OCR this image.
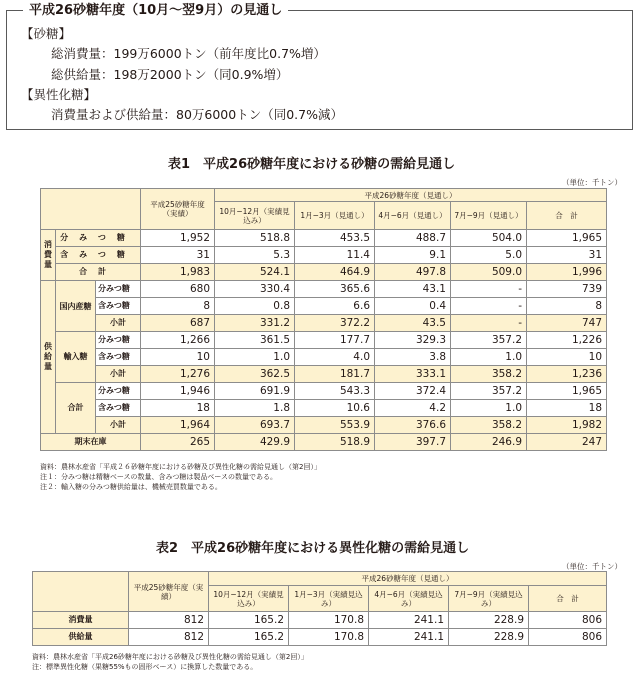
平成26砂糖年度（10月〜翌9月）の見通し
【砂糖】
総消費量：199万6000トン（前年度比0.7%増）
総供給量：198万2000トン（同0.9%増）
【異性化糖】
消費量および供給量：80万6000トン（同0.7%減）
表1　平成26砂糖年度における砂糖の需給見通し
（単位：千トン）
			平成25砂糖年度（実績）	平成26砂糖年度（見通し）				
				10月−12月（実績見込み）	1月−3月（見通し）	4月−6月（見通し）	7月−9月（見通し）	合　計
消費量	分みつ糖		1,952	518.8	453.5	488.7	504.0	1,965
	含みつ糖		31	5.3	11.4	9.1	5.0	31
	合計		1,983	524.1	464.9	497.8	509.0	1,996
供給量	国内産糖	分みつ糖	680	330.4	365.6	43.1	-	739
		含みつ糖	8	0.8	6.6	0.4	-	8
		小計	687	331.2	372.2	43.5	-	747
	輸入糖	分みつ糖	1,266	361.5	177.7	329.3	357.2	1,226
		含みつ糖	10	1.0	4.0	3.8	1.0	10
		小計	1,276	362.5	181.7	333.1	358.2	1,236
	合計	分みつ糖	1,946	691.9	543.3	372.4	357.2	1,965
		含みつ糖	18	1.8	10.6	4.2	1.0	18
		小計	1,964	693.7	553.9	376.6	358.2	1,982
期末在庫			265	429.9	518.9	397.7	246.9	247
資料：農林水産省「平成２６砂糖年度における砂糖及び異性化糖の需給見通し（第2回）」
注１：分みつ糖は精糖ベースの数量、含みつ糖は製品ベースの数量である。
注２：輸入糖の分みつ糖供給量は、機械売買数量である。
表2　平成26砂糖年度における異性化糖の需給見通し
（単位：千トン）
	平成25砂糖年度（実績）	平成26砂糖年度（見通し）				
		10月−12月（実績見込み）	1月−3月（実績見込み）	4月−6月（実績見込み）	7月−9月（実績見込み）	合　計
消費量	812	165.2	170.8	241.1	228.9	806
供給量	812	165.2	170.8	241.1	228.9	806
資料：農林水産省「平成26砂糖年度における砂糖及び異性化糖の需給見通し（第2回）」
注：標準異性化糖（果糖55%もの固形ベース）に換算した数量である。
